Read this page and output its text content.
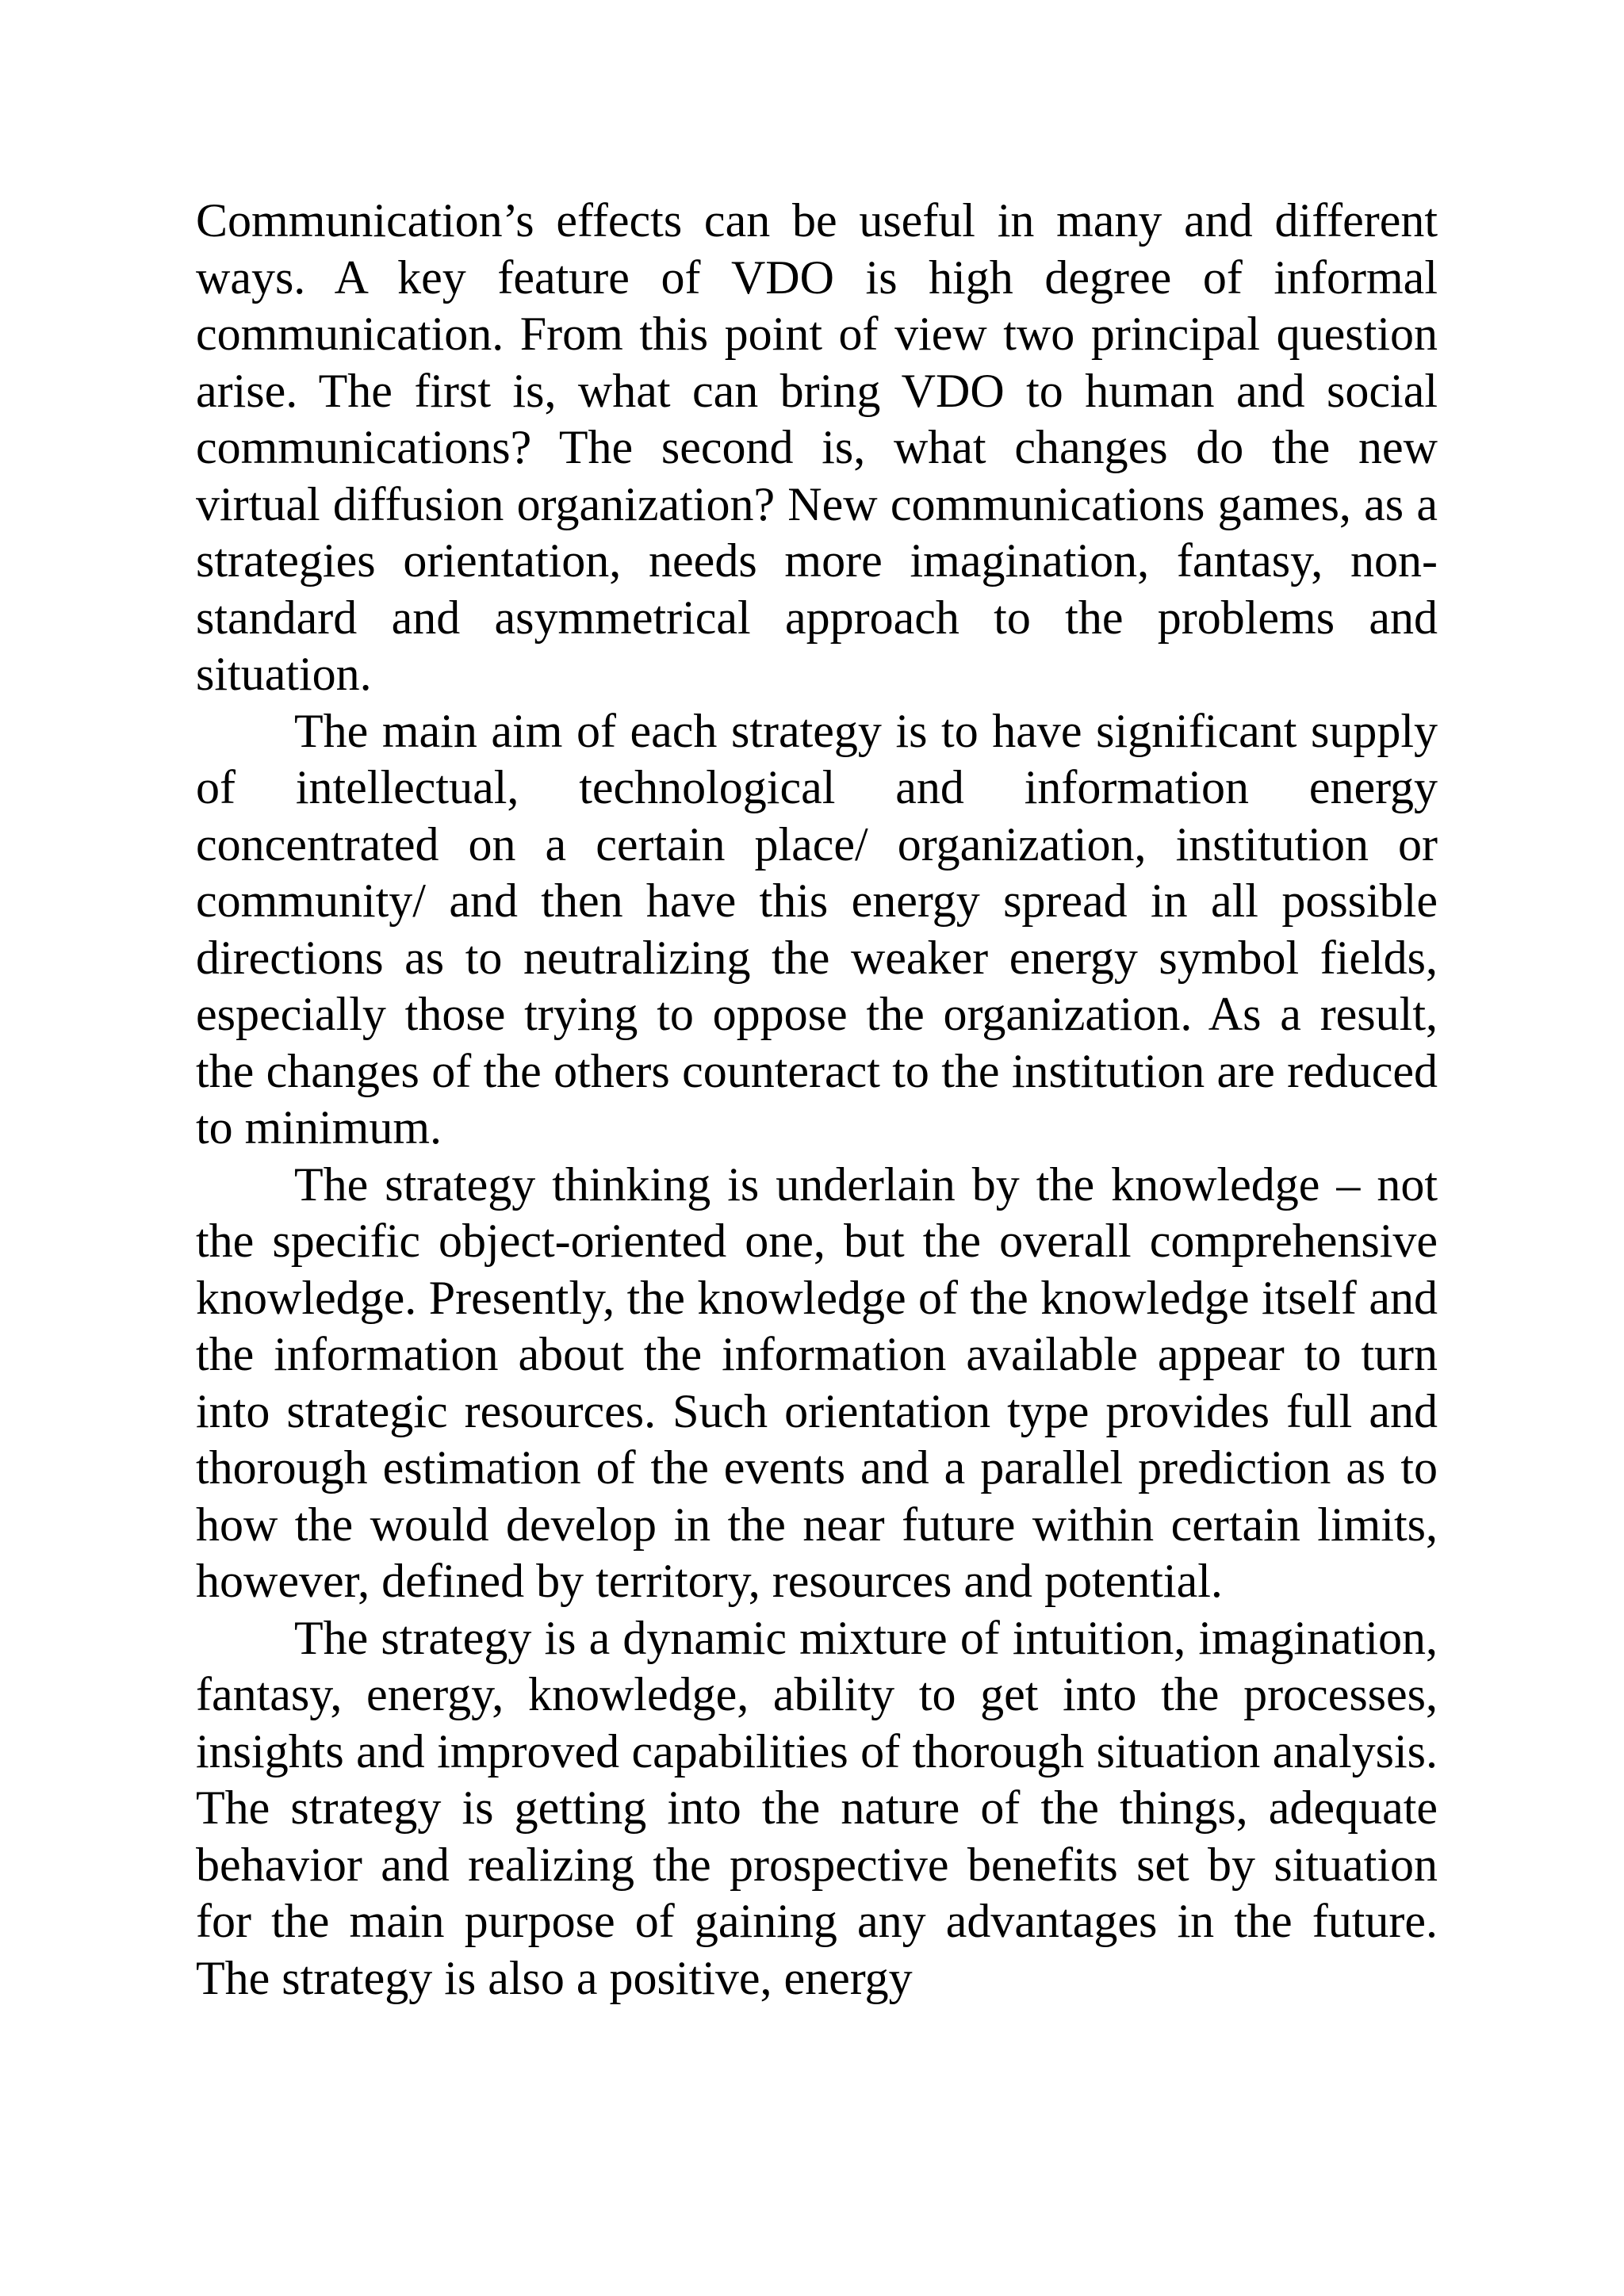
Communication’s effects can be useful in many and different ways. A key feature of VDO is high degree of informal communication. From this point of view two principal question arise. The first is, what can bring VDO to human and social communications? The second is, what changes do the new virtual diffusion organization? New communications games, as a strategies orientation, needs more imagination, fantasy, non-standard and asymmetrical approach to the problems and situation.

The main aim of each strategy is to have significant supply of intellectual, technological and information energy concentrated on a certain place/ organization, institution or community/ and then have this energy spread in all possible directions as to neutralizing the weaker energy symbol fields, especially those trying to oppose the organization. As a result, the changes of the others counteract to the institution are reduced to minimum.

The strategy thinking is underlain by the knowledge – not the specific object-oriented one, but the overall comprehensive knowledge. Presently, the knowledge of the knowledge itself and the information about the information available appear to turn into strategic resources. Such orientation type provides full and thorough estimation of the events and a parallel prediction as to how the would develop in the near future within certain limits, however, defined by territory, resources and potential.

The strategy is a dynamic mixture of intuition, imagination, fantasy, energy, knowledge, ability to get into the processes, insights and improved capabilities of thorough situation analysis. The strategy is getting into the nature of the things, adequate behavior and realizing the prospective benefits set by situation for the main purpose of gaining any advantages in the future. The strategy is also a positive, energy
